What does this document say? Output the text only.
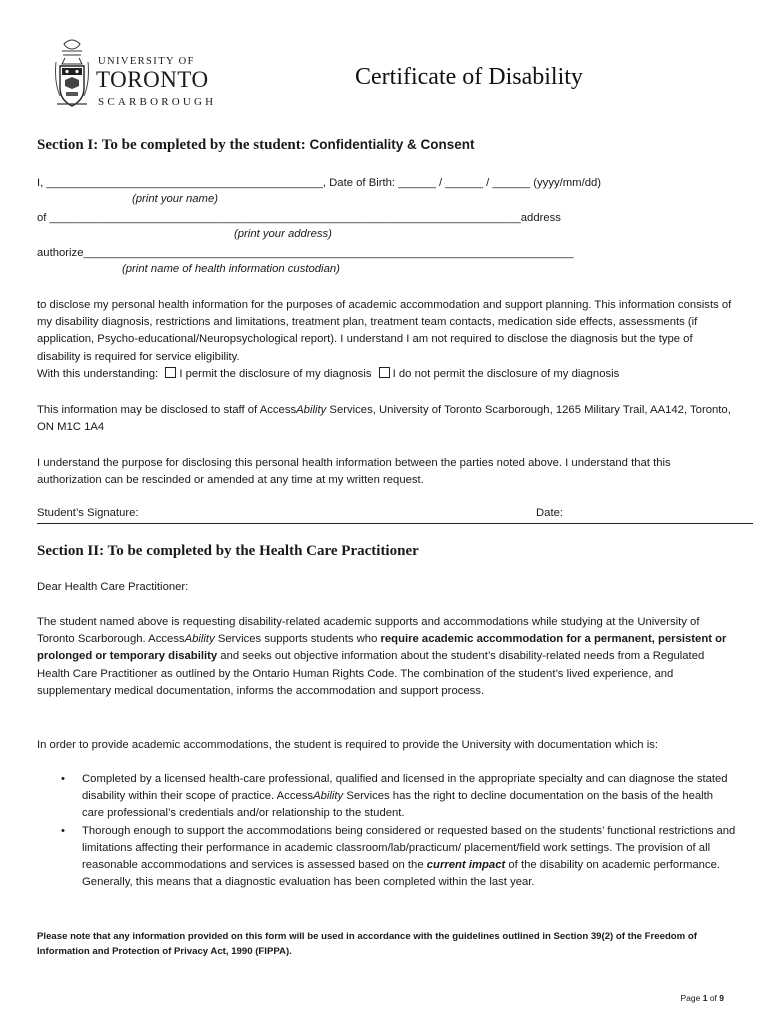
UNIVERSITY OF
TORONTO
SCARBOROUGH
Certificate of Disability
Section I: To be completed by the student: Confidentiality & Consent
I, ____________________________________________, Date of Birth: ______ / ______ / ______ (yyyy/mm/dd)
(print your name)
of ___________________________________________________________________________address
(print your address)
authorize______________________________________________________________________________
(print name of health information custodian)

to disclose my personal health information for the purposes of academic accommodation and support planning. This information consists of my disability diagnosis, restrictions and limitations, treatment plan, treatment team contacts, medication side effects, assessments (if application, Psycho-educational/Neuropsychological report). I understand I am not required to disclose the diagnosis but the type of disability is required for service eligibility.

With this understanding: I permit the disclosure of my diagnosis I do not permit the disclosure of my diagnosis

This information may be disclosed to staff of AccessAbility Services, University of Toronto Scarborough, 1265 Military Trail, AA142, Toronto, ON M1C 1A4

I understand the purpose for disclosing this personal health information between the parties noted above. I understand that this authorization can be rescinded or amended at any time at my written request.

Student’s Signature:	Date:
Section II: To be completed by the Health Care Practitioner

Dear Health Care Practitioner:

The student named above is requesting disability-related academic supports and accommodations while studying at the University of Toronto Scarborough. AccessAbility Services supports students who require academic accommodation for a permanent, persistent or prolonged or temporary disability and seeks out objective information about the student’s disability-related needs from a Regulated Health Care Practitioner as outlined by the Ontario Human Rights Code. The combination of the student’s lived experience, and supplementary medical documentation, informs the accommodation and support process.

In order to provide academic accommodations, the student is required to provide the University with documentation which is:

• Completed by a licensed health-care professional, qualified and licensed in the appropriate specialty and can diagnose the stated disability within their scope of practice. AccessAbility Services has the right to decline documentation on the basis of the health care professional’s credentials and/or relationship to the student.
• Thorough enough to support the accommodations being considered or requested based on the students’ functional restrictions and limitations affecting their performance in academic classroom/lab/practicum/ placement/field work settings. The provision of all reasonable accommodations and services is assessed based on the current impact of the disability on academic performance. Generally, this means that a diagnostic evaluation has been completed within the last year.
Please note that any information provided on this form will be used in accordance with the guidelines outlined in Section 39(2) of the Freedom of Information and Protection of Privacy Act, 1990 (FIPPA).
Page 1 of 9
